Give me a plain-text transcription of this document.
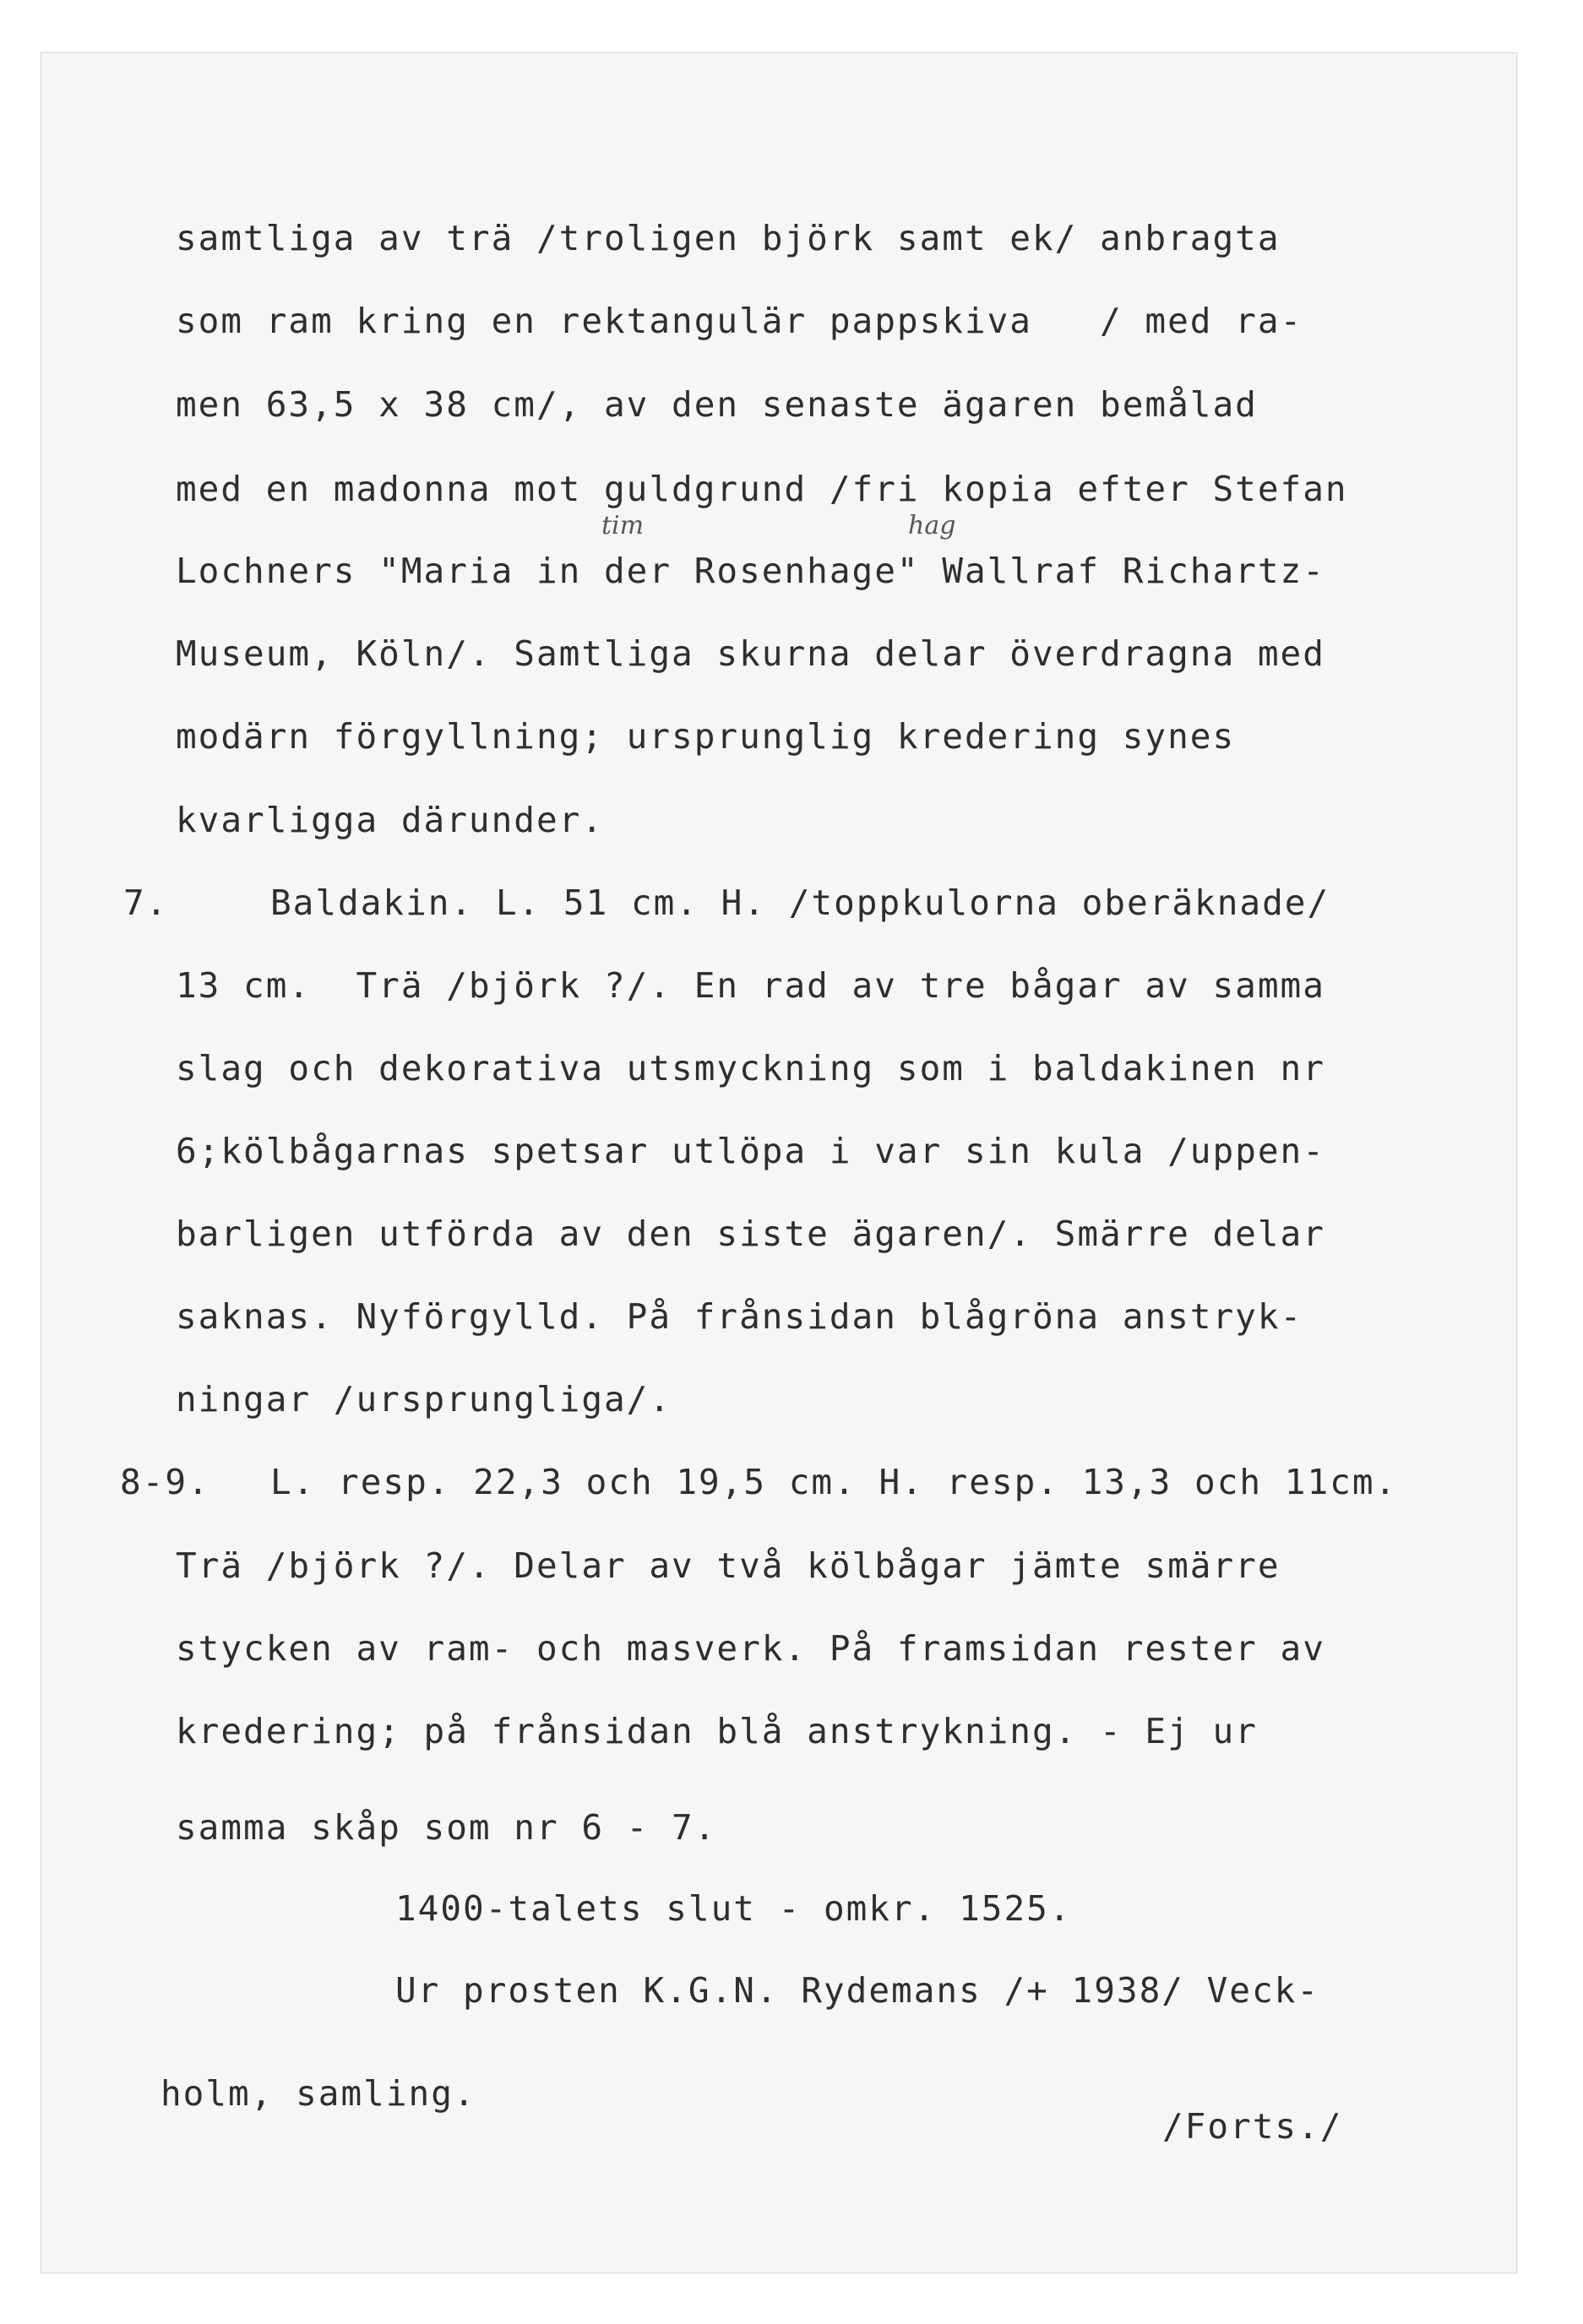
samtliga av trä /troligen björk samt ek/ anbragta
som ram kring en rektangulär pappskiva   / med ra-
men 63,5 x 38 cm/, av den senaste ägaren bemålad
med en madonna mot guldgrund /fri kopia efter Stefan
tim	hag
Lochners "Maria in der Rosenhage" Wallraf Richartz-
Museum, Köln/. Samtliga skurna delar överdragna med
modärn förgyllning; ursprunglig kredering synes
kvarligga därunder.
7.	Baldakin. L. 51 cm. H. /toppkulorna oberäknade/
13 cm.  Trä /björk ?/. En rad av tre bågar av samma
slag och dekorativa utsmyckning som i baldakinen nr
6;kölbågarnas spetsar utlöpa i var sin kula /uppen-
barligen utförda av den siste ägaren/. Smärre delar
saknas. Nyförgylld. På frånsidan blågröna anstryk-
ningar /ursprungliga/.
8-9. L. resp. 22,3 och 19,5 cm. H. resp. 13,3 och 11cm.
Trä /björk ?/. Delar av två kölbågar jämte smärre
stycken av ram- och masverk. På framsidan rester av
kredering; på frånsidan blå anstrykning. - Ej ur
samma skåp som nr 6 - 7.
1400-talets slut - omkr. 1525.
Ur prosten K.G.N. Rydemans /+ 1938/ Veck-
holm, samling.
/Forts./
